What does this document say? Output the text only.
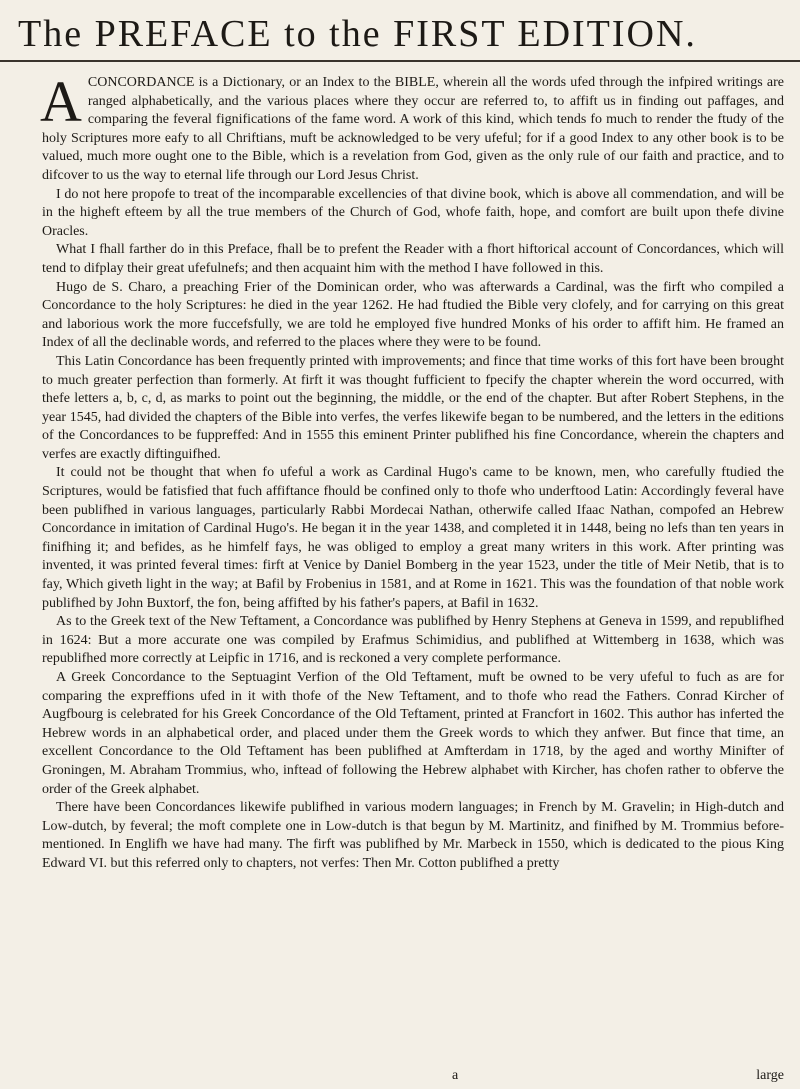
The PREFACE to the FIRST EDITION.

ACONCORDANCE is a Dictionary, or an Index to the BIBLE, wherein all the words ufed through the infpired writings are ranged alphabetically, and the various places where they occur are referred to, to affift us in finding out paffages, and comparing the feveral fignifications of the fame word. A work of this kind, which tends fo much to render the ftudy of the holy Scriptures more eafy to all Chriftians, muft be acknowledged to be very ufeful; for if a good Index to any other book is to be valued, much more ought one to the Bible, which is a revelation from God, given as the only rule of our faith and practice, and to difcover to us the way to eternal life through our Lord Jesus Christ.

I do not here propofe to treat of the incomparable excellencies of that divine book, which is above all commendation, and will be in the higheft efteem by all the true members of the Church of God, whofe faith, hope, and comfort are built upon thefe divine Oracles.

What I fhall farther do in this Preface, fhall be to prefent the Reader with a fhort hiftorical account of Concordances, which will tend to difplay their great ufefulnefs; and then acquaint him with the method I have followed in this.

Hugo de S. Charo, a preaching Frier of the Dominican order, who was afterwards a Cardinal, was the firft who compiled a Concordance to the holy Scriptures: he died in the year 1262. He had ftudied the Bible very clofely, and for carrying on this great and laborious work the more fuccefsfully, we are told he employed five hundred Monks of his order to affift him. He framed an Index of all the declinable words, and referred to the places where they were to be found.

This Latin Concordance has been frequently printed with improvements; and fince that time works of this fort have been brought to much greater perfection than formerly. At firft it was thought fufficient to fpecify the chapter wherein the word occurred, with thefe letters a, b, c, d, as marks to point out the beginning, the middle, or the end of the chapter. But after Robert Stephens, in the year 1545, had divided the chapters of the Bible into verfes, the verfes likewife began to be numbered, and the letters in the editions of the Concordances to be fuppreffed: And in 1555 this eminent Printer publifhed his fine Concordance, wherein the chapters and verfes are exactly diftinguifhed.

It could not be thought that when fo ufeful a work as Cardinal Hugo's came to be known, men, who carefully ftudied the Scriptures, would be fatisfied that fuch affiftance fhould be confined only to thofe who underftood Latin: Accordingly feveral have been publifhed in various languages, particularly Rabbi Mordecai Nathan, otherwife called Ifaac Nathan, compofed an Hebrew Concordance in imitation of Cardinal Hugo's. He began it in the year 1438, and completed it in 1448, being no lefs than ten years in finifhing it; and befides, as he himfelf fays, he was obliged to employ a great many writers in this work. After printing was invented, it was printed feveral times: firft at Venice by Daniel Bomberg in the year 1523, under the title of Meir Netib, that is to fay, Which giveth light in the way; at Bafil by Frobenius in 1581, and at Rome in 1621. This was the foundation of that noble work publifhed by John Buxtorf, the fon, being affifted by his father's papers, at Bafil in 1632.

As to the Greek text of the New Teftament, a Concordance was publifhed by Henry Stephens at Geneva in 1599, and republifhed in 1624: But a more accurate one was compiled by Erafmus Schimidius, and publifhed at Wittemberg in 1638, which was republifhed more correctly at Leipfic in 1716, and is reckoned a very complete performance.

A Greek Concordance to the Septuagint Verfion of the Old Teftament, muft be owned to be very ufeful to fuch as are for comparing the expreffions ufed in it with thofe of the New Teftament, and to thofe who read the Fathers. Conrad Kircher of Augfbourg is celebrated for his Greek Concordance of the Old Teftament, printed at Francfort in 1602. This author has inferted the Hebrew words in an alphabetical order, and placed under them the Greek words to which they anfwer. But fince that time, an excellent Concordance to the Old Teftament has been publifhed at Amfterdam in 1718, by the aged and worthy Minifter of Groningen, M. Abraham Trommius, who, inftead of following the Hebrew alphabet with Kircher, has chofen rather to obferve the order of the Greek alphabet.

There have been Concordances likewife publifhed in various modern languages; in French by M. Gravelin; in High-dutch and Low-dutch, by feveral; the moft complete one in Low-dutch is that begun by M. Martinitz, and finifhed by M. Trommius before-mentioned. In Englifh we have had many. The firft was publifhed by Mr. Marbeck in 1550, which is dedicated to the pious King Edward VI. but this referred only to chapters, not verfes: Then Mr. Cotton publifhed a pretty

a	large
